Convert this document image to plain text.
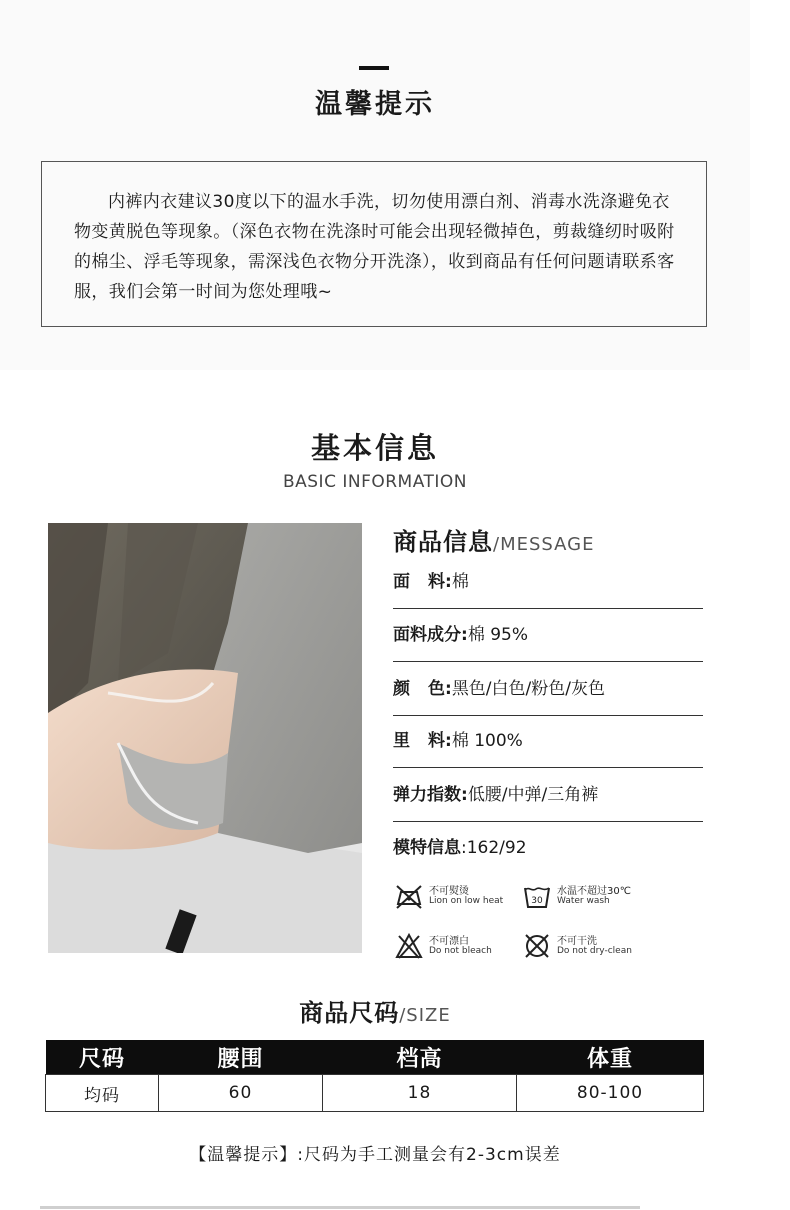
温馨提示

内裤内衣建议30度以下的温水手洗，切勿使用漂白剂、消毒水洗涤避免衣物变黄脱色等现象。（深色衣物在洗涤时可能会出现轻微掉色，剪裁缝纫时吸附的棉尘、浮毛等现象，需深浅色衣物分开洗涤），收到商品有任何问题请联系客服，我们会第一时间为您处理哦~

基本信息
BASIC INFORMATION
商品信息/MESSAGE
面料:棉
面料成分:棉 95%
颜色:黑色/白色/粉色/灰色
里料:棉 100%
弹力指数:低腰/中弹/三角裤
模特信息:162/92
不可熨烫
Lion on low heat	30
水温不超过30℃
Water wash
不可漂白
Do not bleach
不可干洗
Do not dry-clean
商品尺码/SIZE
尺码	腰围	档高	体重
均码	60	18	80-100
【温馨提示】:尺码为手工测量会有2-3cm误差
